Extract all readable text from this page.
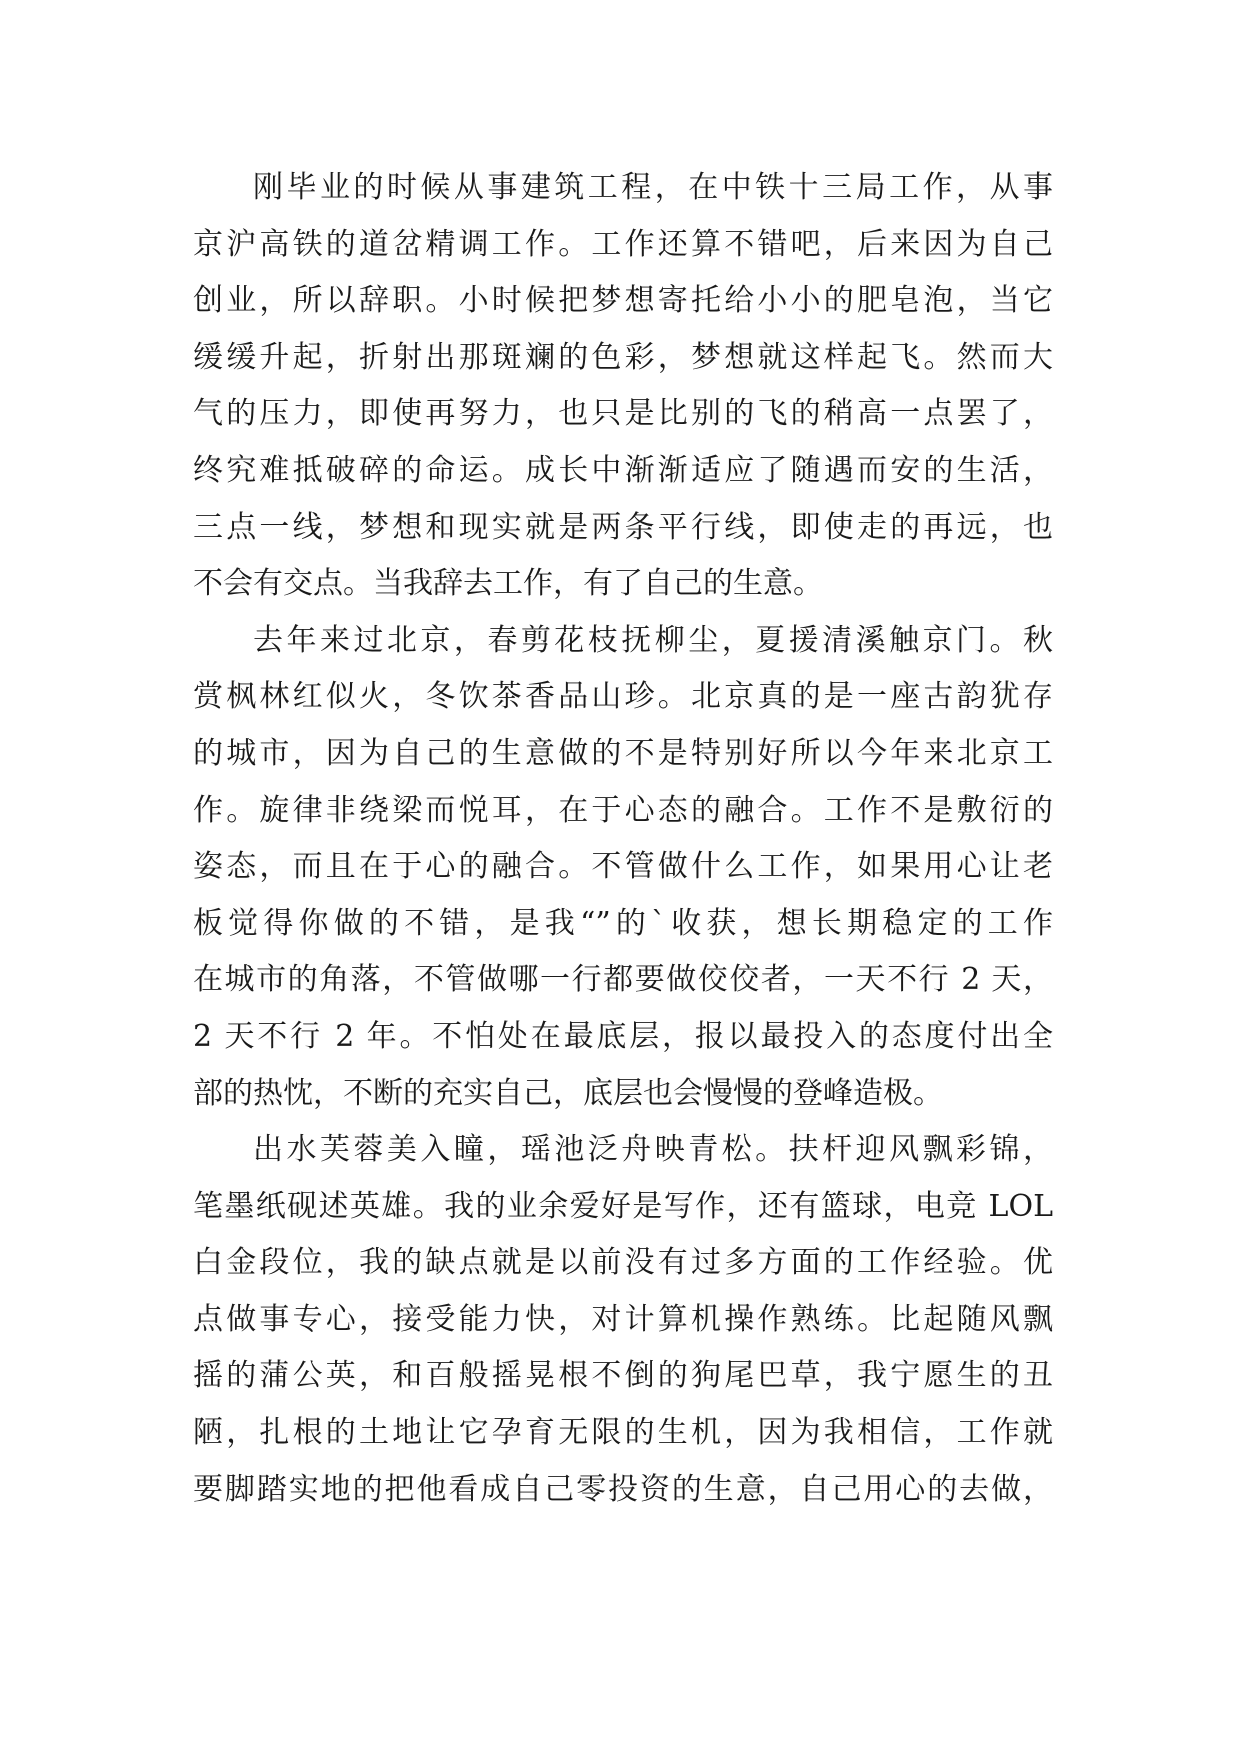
刚毕业的时候从事建筑工程，在中铁十三局工作，从事
京沪高铁的道岔精调工作。工作还算不错吧，后来因为自己
创业，所以辞职。小时候把梦想寄托给小小的肥皂泡，当它
缓缓升起，折射出那斑斓的色彩，梦想就这样起飞。然而大
气的压力，即使再努力，也只是比别的飞的稍高一点罢了，
终究难抵破碎的命运。成长中渐渐适应了随遇而安的生活，
三点一线，梦想和现实就是两条平行线，即使走的再远，也
不会有交点。当我辞去工作，有了自己的生意。
去年来过北京，春剪花枝抚柳尘，夏援清溪触京门。秋
赏枫林红似火，冬饮茶香品山珍。北京真的是一座古韵犹存
的城市，因为自己的生意做的不是特别好所以今年来北京工
作。旋律非绕梁而悦耳，在于心态的融合。工作不是敷衍的
姿态，而且在于心的融合。不管做什么工作，如果用心让老
板觉得你做的不错，是我“”的`收获，想长期稳定的工作
在城市的角落，不管做哪一行都要做佼佼者，一天不行 2 天，
2 天不行 2 年。不怕处在最底层，报以最投入的态度付出全
部的热忱，不断的充实自己，底层也会慢慢的登峰造极。
出水芙蓉美入瞳，瑶池泛舟映青松。扶杆迎风飘彩锦，
笔墨纸砚述英雄。我的业余爱好是写作，还有篮球，电竞 LOL
白金段位，我的缺点就是以前没有过多方面的工作经验。优
点做事专心，接受能力快，对计算机操作熟练。比起随风飘
摇的蒲公英，和百般摇晃根不倒的狗尾巴草，我宁愿生的丑
陋，扎根的土地让它孕育无限的生机，因为我相信，工作就
要脚踏实地的把他看成自己零投资的生意，自己用心的去做，
